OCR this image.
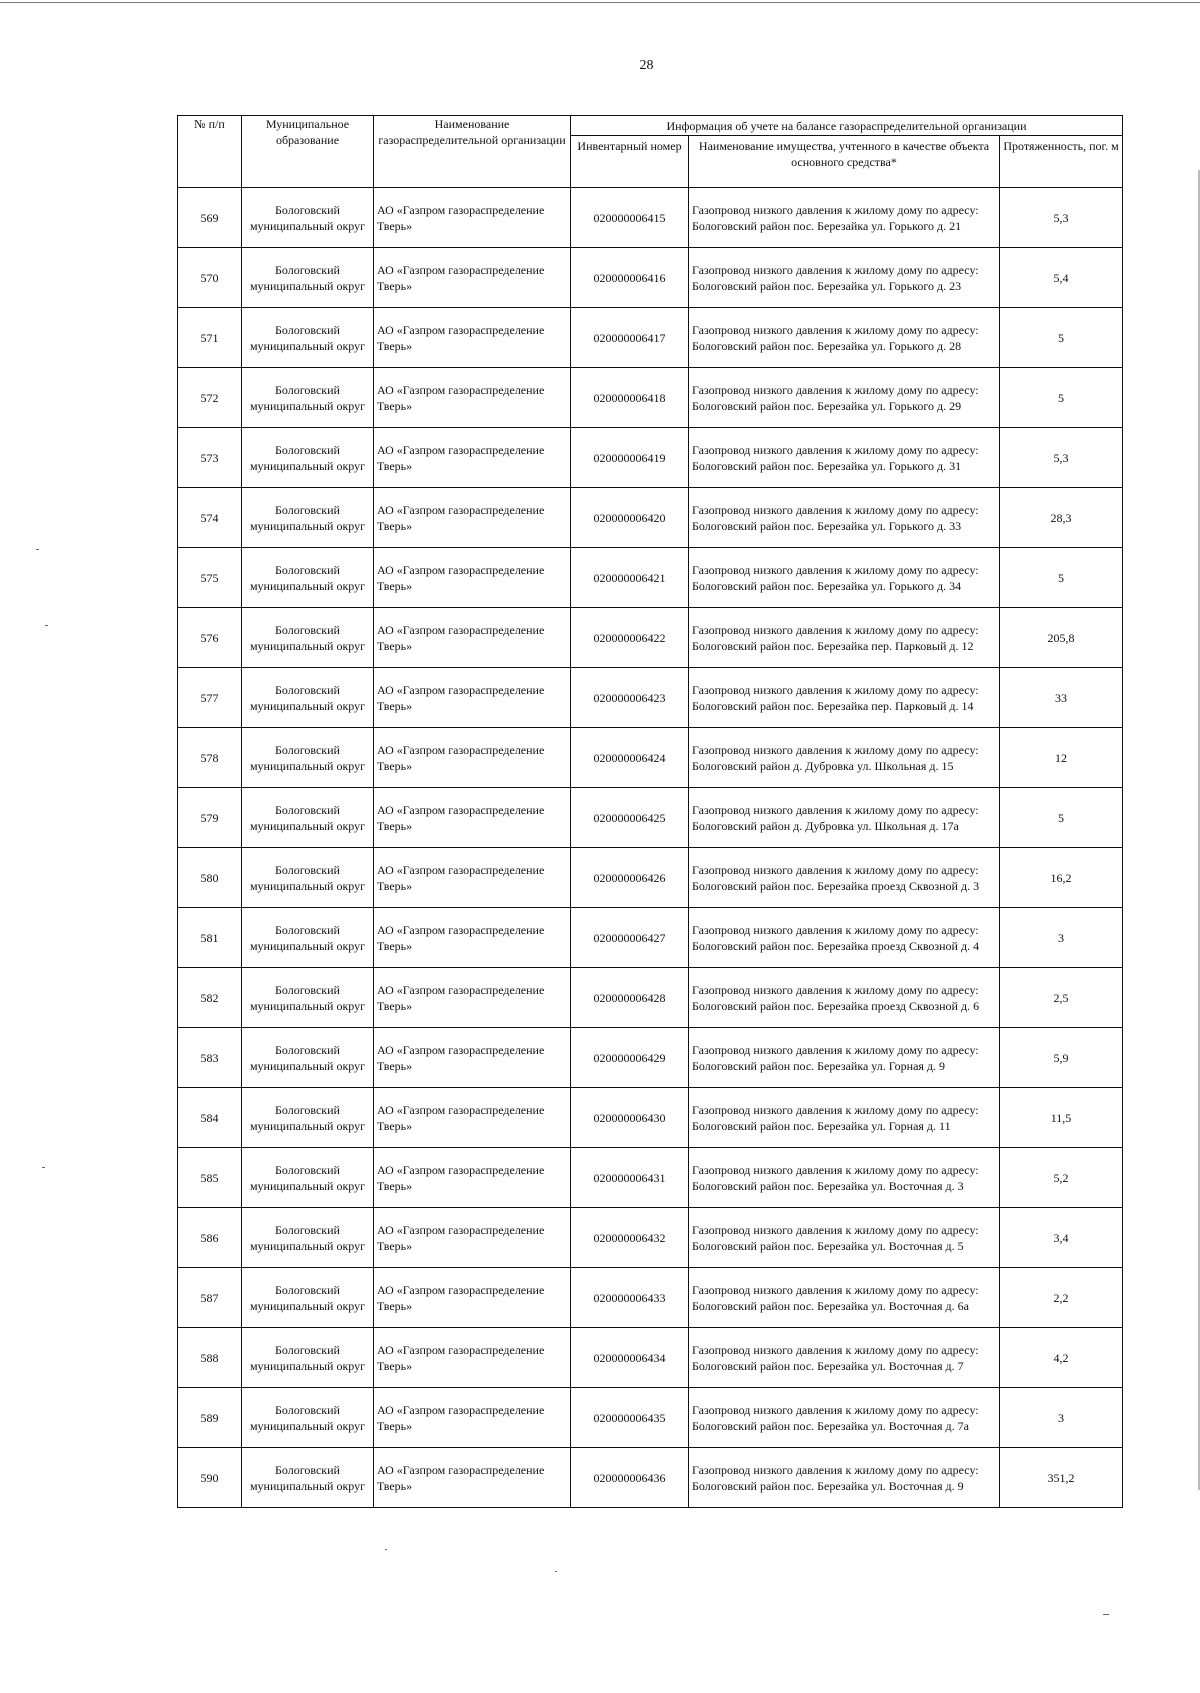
28
№ п/п	Муниципальное образование	Наименование газораспределительной организации	Информация об учете на балансе газораспределительной организации		
			Инвентарный номер	Наименование имущества, учтенного в качестве объекта основного средства*	Протяженность, пог. м
569	Бологовский муниципальный округ	АО «Газпром газораспределение Тверь»	020000006415	Газопровод низкого давления к жилому дому по адресу: Бологовский район пос. Березайка ул. Горького д. 21	5,3
570	Бологовский муниципальный округ	АО «Газпром газораспределение Тверь»	020000006416	Газопровод низкого давления к жилому дому по адресу: Бологовский район пос. Березайка ул. Горького д. 23	5,4
571	Бологовский муниципальный округ	АО «Газпром газораспределение Тверь»	020000006417	Газопровод низкого давления к жилому дому по адресу: Бологовский район пос. Березайка ул. Горького д. 28	5
572	Бологовский муниципальный округ	АО «Газпром газораспределение Тверь»	020000006418	Газопровод низкого давления к жилому дому по адресу: Бологовский район пос. Березайка ул. Горького д. 29	5
573	Бологовский муниципальный округ	АО «Газпром газораспределение Тверь»	020000006419	Газопровод низкого давления к жилому дому по адресу: Бологовский район пос. Березайка ул. Горького д. 31	5,3
574	Бологовский муниципальный округ	АО «Газпром газораспределение Тверь»	020000006420	Газопровод низкого давления к жилому дому по адресу: Бологовский район пос. Березайка ул. Горького д. 33	28,3
575	Бологовский муниципальный округ	АО «Газпром газораспределение Тверь»	020000006421	Газопровод низкого давления к жилому дому по адресу: Бологовский район пос. Березайка ул. Горького д. 34	5
576	Бологовский муниципальный округ	АО «Газпром газораспределение Тверь»	020000006422	Газопровод низкого давления к жилому дому по адресу: Бологовский район пос. Березайка пер. Парковый д. 12	205,8
577	Бологовский муниципальный округ	АО «Газпром газораспределение Тверь»	020000006423	Газопровод низкого давления к жилому дому по адресу: Бологовский район пос. Березайка пер. Парковый д. 14	33
578	Бологовский муниципальный округ	АО «Газпром газораспределение Тверь»	020000006424	Газопровод низкого давления к жилому дому по адресу: Бологовский район д. Дубровка ул. Школьная д. 15	12
579	Бологовский муниципальный округ	АО «Газпром газораспределение Тверь»	020000006425	Газопровод низкого давления к жилому дому по адресу: Бологовский район д. Дубровка ул. Школьная д. 17а	5
580	Бологовский муниципальный округ	АО «Газпром газораспределение Тверь»	020000006426	Газопровод низкого давления к жилому дому по адресу: Бологовский район пос. Березайка проезд Сквозной д. 3	16,2
581	Бологовский муниципальный округ	АО «Газпром газораспределение Тверь»	020000006427	Газопровод низкого давления к жилому дому по адресу: Бологовский район пос. Березайка проезд Сквозной д. 4	3
582	Бологовский муниципальный округ	АО «Газпром газораспределение Тверь»	020000006428	Газопровод низкого давления к жилому дому по адресу: Бологовский район пос. Березайка проезд Сквозной д. 6	2,5
583	Бологовский муниципальный округ	АО «Газпром газораспределение Тверь»	020000006429	Газопровод низкого давления к жилому дому по адресу: Бологовский район пос. Березайка ул. Горная д. 9	5,9
584	Бологовский муниципальный округ	АО «Газпром газораспределение Тверь»	020000006430	Газопровод низкого давления к жилому дому по адресу: Бологовский район пос. Березайка ул. Горная д. 11	11,5
585	Бологовский муниципальный округ	АО «Газпром газораспределение Тверь»	020000006431	Газопровод низкого давления к жилому дому по адресу: Бологовский район пос. Березайка ул. Восточная д. 3	5,2
586	Бологовский муниципальный округ	АО «Газпром газораспределение Тверь»	020000006432	Газопровод низкого давления к жилому дому по адресу: Бологовский район пос. Березайка ул. Восточная д. 5	3,4
587	Бологовский муниципальный округ	АО «Газпром газораспределение Тверь»	020000006433	Газопровод низкого давления к жилому дому по адресу: Бологовский район пос. Березайка ул. Восточная д. 6а	2,2
588	Бологовский муниципальный округ	АО «Газпром газораспределение Тверь»	020000006434	Газопровод низкого давления к жилому дому по адресу: Бологовский район пос. Березайка ул. Восточная д. 7	4,2
589	Бологовский муниципальный округ	АО «Газпром газораспределение Тверь»	020000006435	Газопровод низкого давления к жилому дому по адресу: Бологовский район пос. Березайка ул. Восточная д. 7а	3
590	Бологовский муниципальный округ	АО «Газпром газораспределение Тверь»	020000006436	Газопровод низкого давления к жилому дому по адресу: Бологовский район пос. Березайка ул. Восточная д. 9	351,2
